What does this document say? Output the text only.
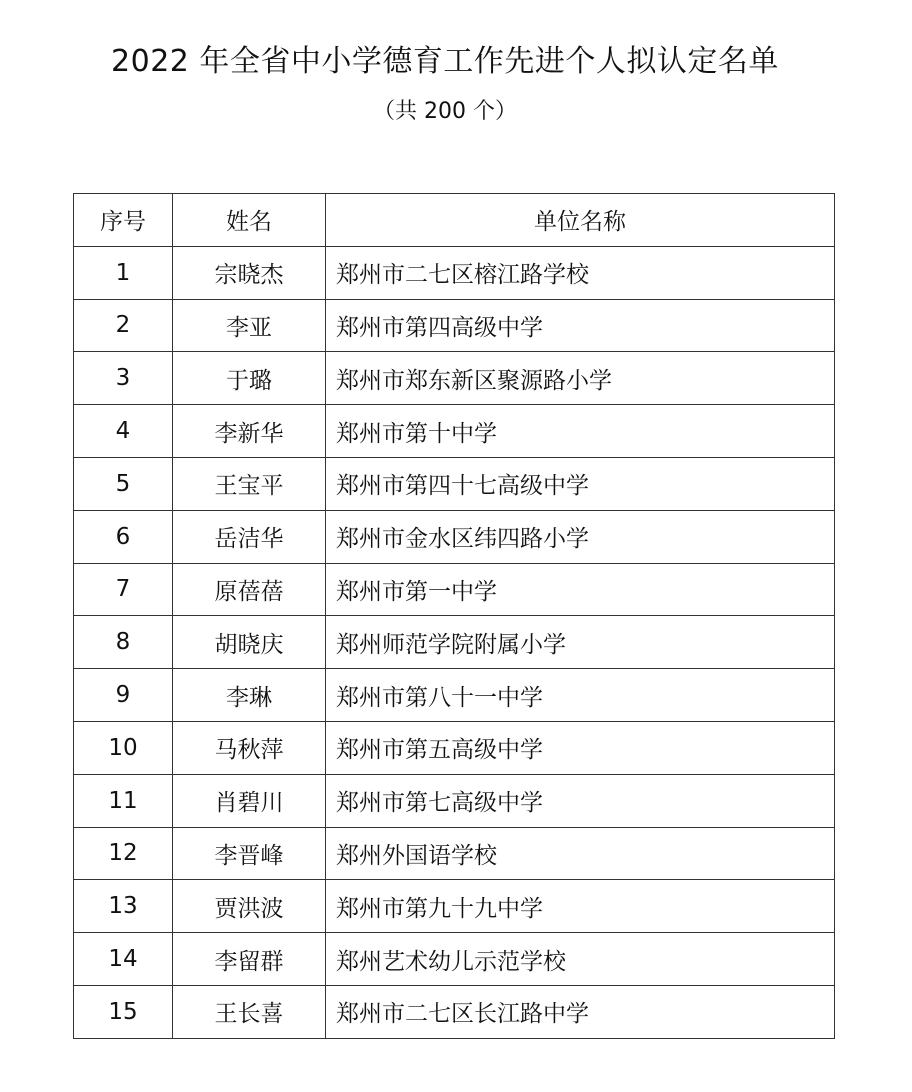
2022 年全省中小学德育工作先进个人拟认定名单
（共 200 个）
序号	姓名	单位名称
1	宗晓杰	郑州市二七区榕江路学校
2	李亚	郑州市第四高级中学
3	于璐	郑州市郑东新区聚源路小学
4	李新华	郑州市第十中学
5	王宝平	郑州市第四十七高级中学
6	岳洁华	郑州市金水区纬四路小学
7	原蓓蓓	郑州市第一中学
8	胡晓庆	郑州师范学院附属小学
9	李琳	郑州市第八十一中学
10	马秋萍	郑州市第五高级中学
11	肖碧川	郑州市第七高级中学
12	李晋峰	郑州外国语学校
13	贾洪波	郑州市第九十九中学
14	李留群	郑州艺术幼儿示范学校
15	王长喜	郑州市二七区长江路中学
